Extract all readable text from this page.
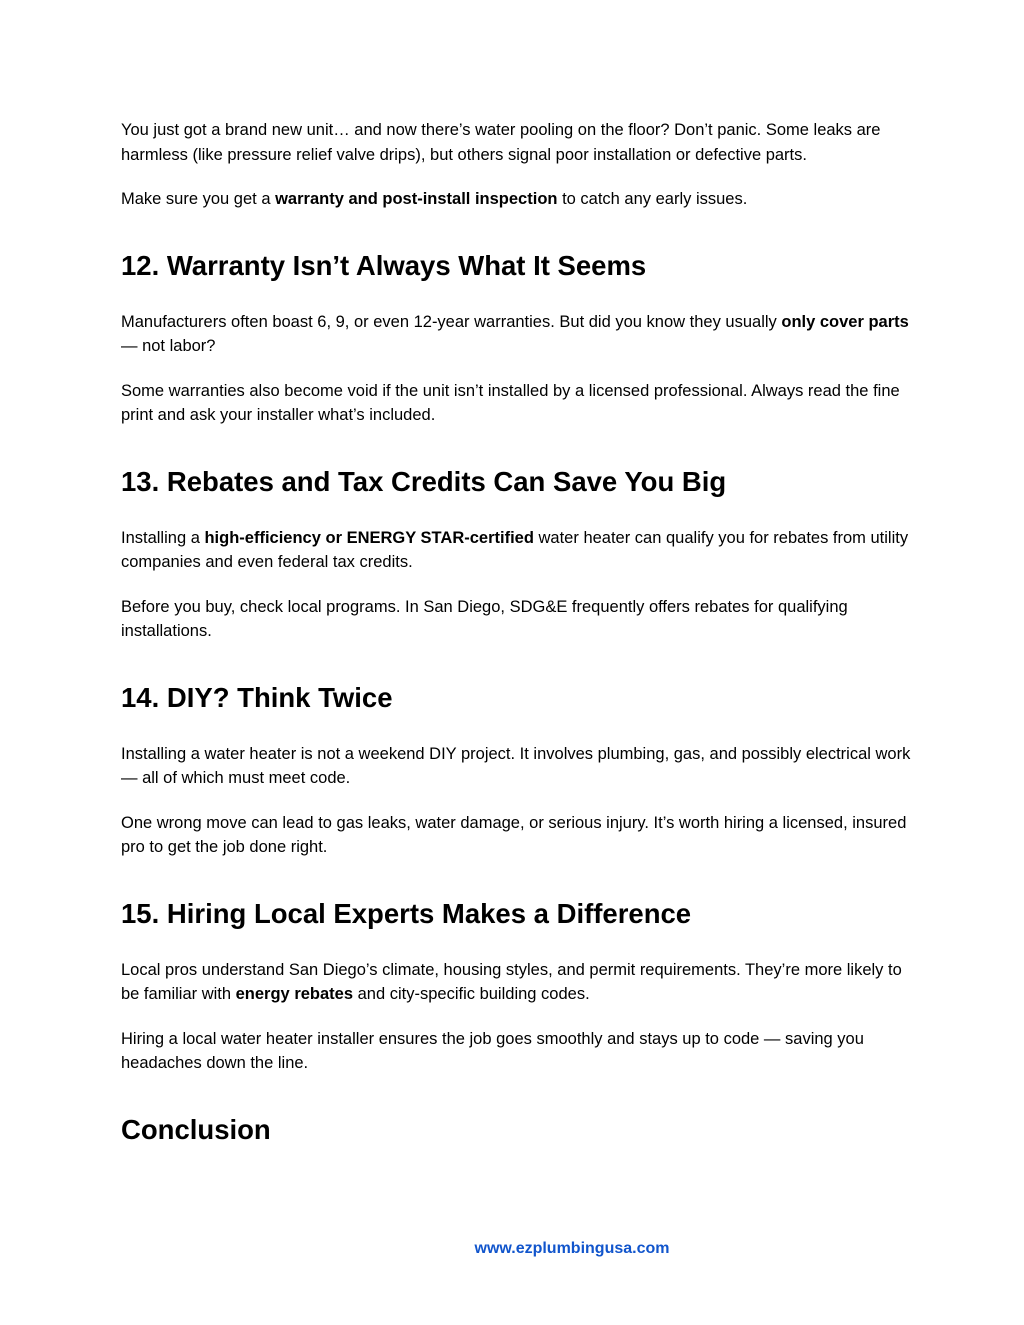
You just got a brand new unit… and now there’s water pooling on the floor? Don’t panic. Some leaks are harmless (like pressure relief valve drips), but others signal poor installation or defective parts.

Make sure you get a warranty and post-install inspection to catch any early issues.

12. Warranty Isn’t Always What It Seems

Manufacturers often boast 6, 9, or even 12-year warranties. But did you know they usually only cover parts — not labor?

Some warranties also become void if the unit isn’t installed by a licensed professional. Always read the fine print and ask your installer what’s included.

13. Rebates and Tax Credits Can Save You Big

Installing a high-efficiency or ENERGY STAR-certified water heater can qualify you for rebates from utility companies and even federal tax credits.

Before you buy, check local programs. In San Diego, SDG&E frequently offers rebates for qualifying installations.

14. DIY? Think Twice

Installing a water heater is not a weekend DIY project. It involves plumbing, gas, and possibly electrical work — all of which must meet code.

One wrong move can lead to gas leaks, water damage, or serious injury. It’s worth hiring a licensed, insured pro to get the job done right.

15. Hiring Local Experts Makes a Difference

Local pros understand San Diego’s climate, housing styles, and permit requirements. They’re more likely to be familiar with energy rebates and city-specific building codes.

Hiring a local water heater installer ensures the job goes smoothly and stays up to code — saving you headaches down the line.

Conclusion
www.ezplumbingusa.com
